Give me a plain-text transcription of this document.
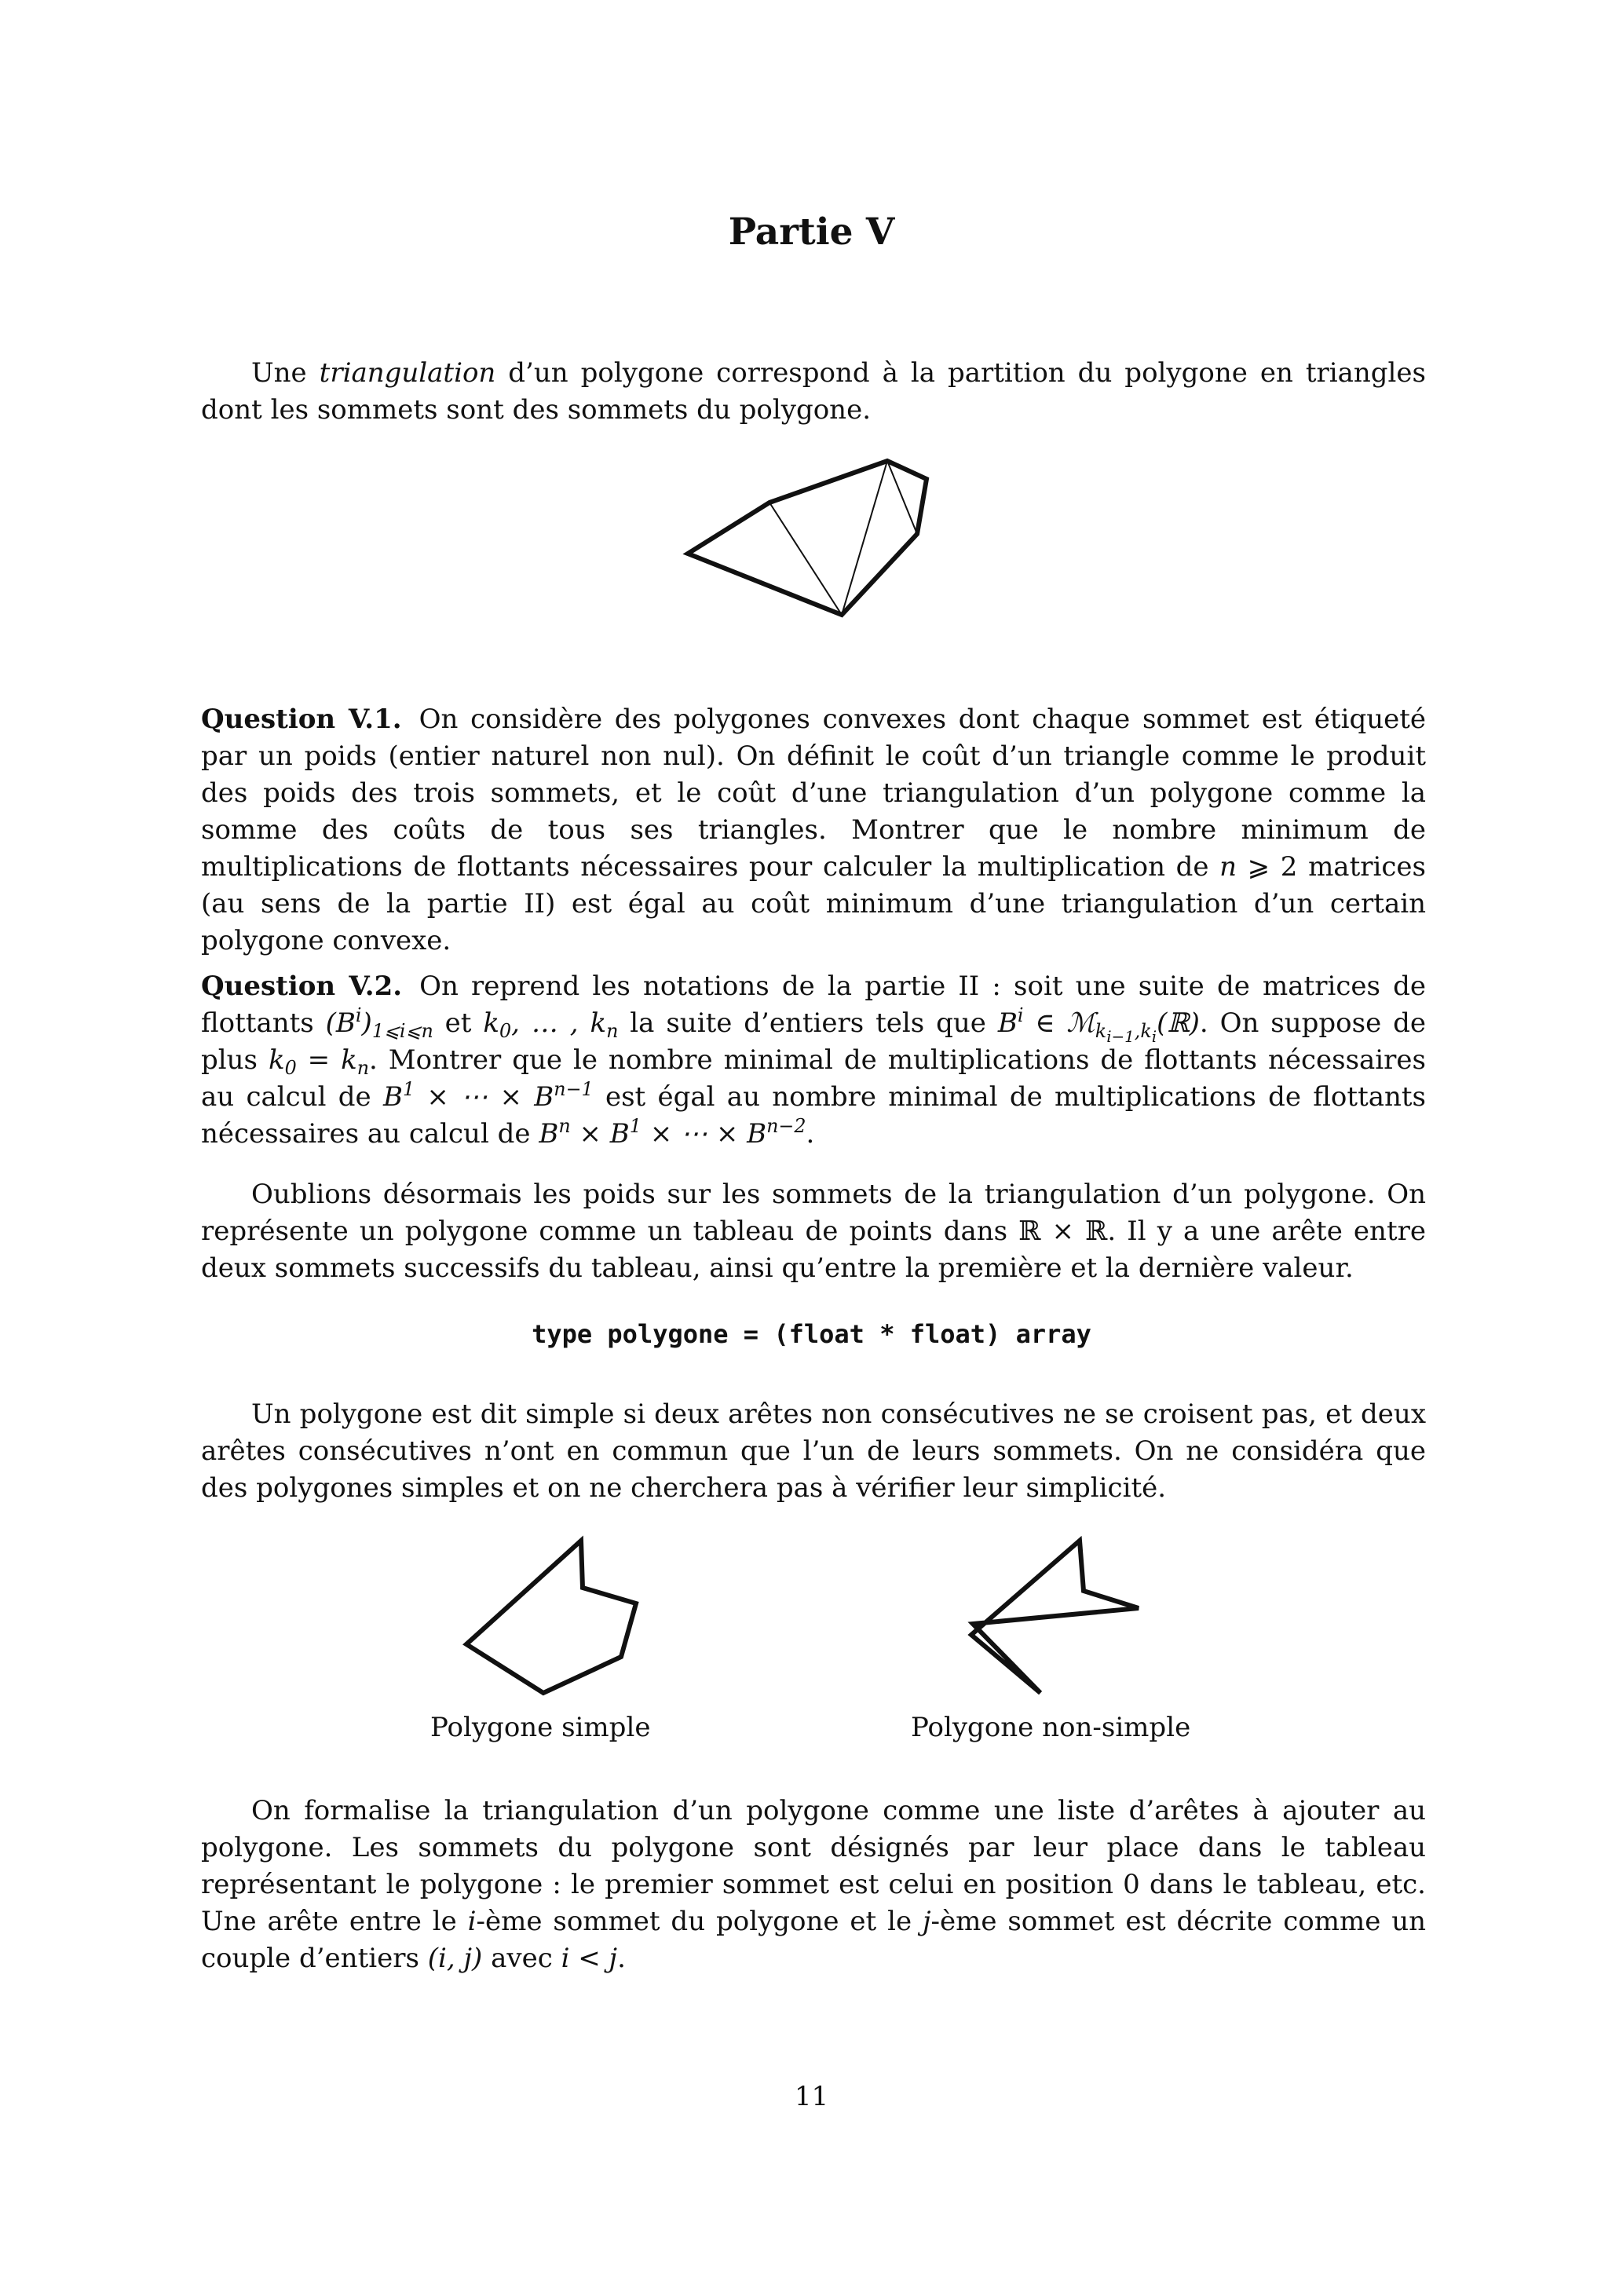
Partie V

Une triangulation d’un polygone correspond à la partition du polygone en triangles dont les sommets sont des sommets du polygone.

Question V.1. On considère des polygones convexes dont chaque sommet est étiqueté par un poids (entier naturel non nul). On définit le coût d’un triangle comme le produit des poids des trois sommets, et le coût d’une triangulation d’un polygone comme la somme des coûts de tous ses triangles. Montrer que le nombre minimum de multiplications de flottants nécessaires pour calculer la multiplication de n ⩾ 2 matrices (au sens de la partie II) est égal au coût minimum d’une triangulation d’un certain polygone convexe.

Question V.2. On reprend les notations de la partie II : soit une suite de matrices de flottants $(B^i)_{1⩽i⩽n}$ et $k_0$, … , $k_n$ la suite d’entiers tels que $B^i$ ∈ ℳ$_{k_{i-1},k_i}$(ℝ). On suppose de plus $k_0 = k_n$. Montrer que le nombre minimal de multiplications de flottants nécessaires au calcul de $B^1$ × ⋯ × $B^{n-1}$ est égal au nombre minimal de multiplications de flottants nécessaires au calcul de $B^n \times B^1$ × ⋯ × $B^{n-2}$.

Oublions désormais les poids sur les sommets de la triangulation d’un polygone. On représente un polygone comme un tableau de points dans ℝ × ℝ. Il y a une arête entre deux sommets successifs du tableau, ainsi qu’entre la première et la dernière valeur.

type polygone = (float * float) array

Un polygone est dit simple si deux arêtes non consécutives ne se croisent pas, et deux arêtes consécutives n’ont en commun que l’un de leurs sommets. On ne considéra que des polygones simples et on ne cherchera pas à vérifier leur simplicité.

Polygone simple	Polygone non-simple

On formalise la triangulation d’un polygone comme une liste d’arêtes à ajouter au polygone. Les sommets du polygone sont désignés par leur place dans le tableau représentant le polygone : le premier sommet est celui en position 0 dans le tableau, etc. Une arête entre le i-ème sommet du polygone et le j-ème sommet est décrite comme un couple d’entiers (i, j) avec i < j.

11
